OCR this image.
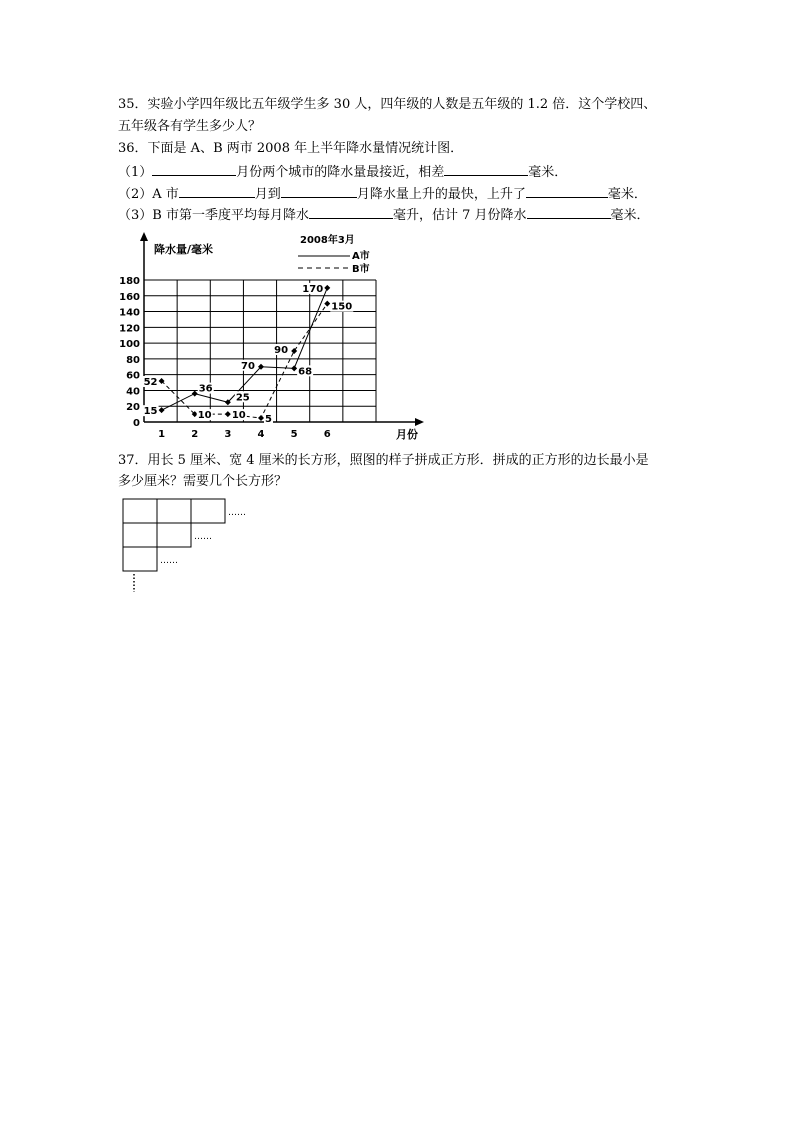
35．实验小学四年级比五年级学生多 30 人，四年级的人数是五年级的 1.2 倍．这个学校四、
五年级各有学生多少人？
36．下面是 A、B 两市 2008 年上半年降水量情况统计图．
（1）	月份两个城市的降水量最接近，相差	毫米．
（2）A 市	月到	月降水量上升的最快，上升了	毫米．
（3）B 市第一季度平均每月降水	毫升，估计 7 月份降水	毫米．
0
20
40
60
80
100
120
140
160
180
1	2	3	4	5	6
15
52
36
10
25
10
70
5
90
68
170
150
降水量/毫米
月份
2008年3月
A市
B市
37．用长 5 厘米、宽 4 厘米的长方形，照图的样子拼成正方形．拼成的正方形的边长最小是
多少厘米？需要几个长方形？
……
……
……
